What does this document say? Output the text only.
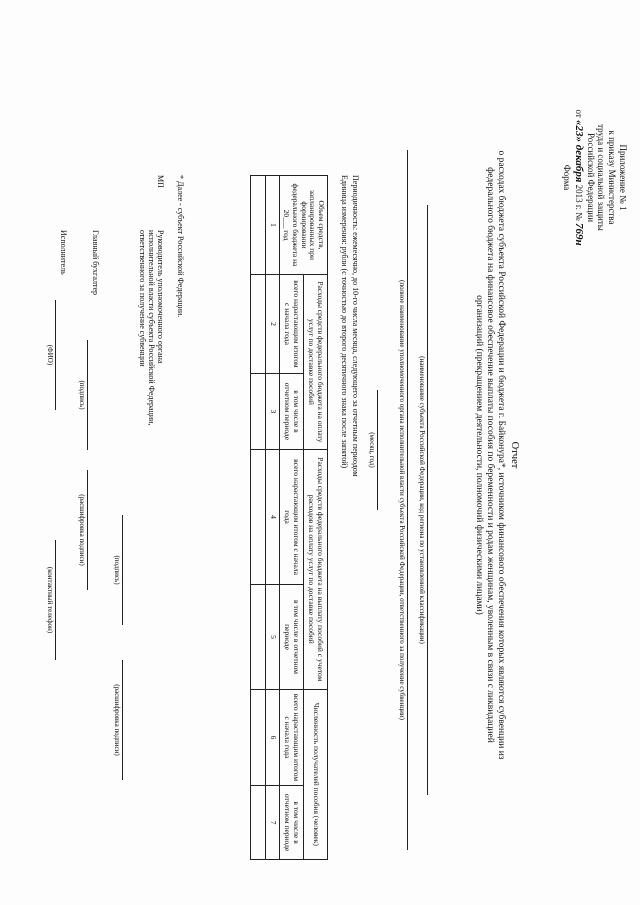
Приложение № 1
к приказу Министерства
труда и социальной защиты
Российской Федерации
от «23» декабря 2013 г. № 769н
Форма
Отчет
о расходах бюджета субъекта Российской Федерации и бюджета г. Байконура*, источником финансового обеспечения которых являются субвенции из
федерального бюджета на финансовое обеспечение выплаты пособия по беременности и родам женщинам, уволенным в связи с ликвидацией
организаций (прекращением деятельности, полномочий физическими лицами)
(наименование субъекта Российской Федерации, код региона по установленной классификации)
(полное наименование уполномоченного органа исполнительной власти субъекта Российской Федерации, ответственного за получение субвенции)
(месяц, год)
Периодичность: ежемесячно, до 10-го числа месяца, следующего за отчетным периодом
Единица измерения: рубли (с точностью до второго десятичного знака после запятой)
Объем средств, запланированных при формировании федерального бюджета на 20___ год	Расходы средств федерального бюджета на оплату услуг по доставке пособий		Расходы средств федерального бюджета на выплату пособий с учетом расходов на оплату услуг по доставке пособий		Численность получателей пособия (человек)	
	всего нарастающим итогом с начала года	в том числе в отчетном периоде	всего нарастающим итогом с начала года	в том числе в отчетном периоде	всего нарастающим итогом с начала года	в том числе в отчетном периоде
1	2	3	4	5	6	7

* Далее - субъект Российской Федерации.
МП
Руководитель уполномоченного органа
исполнительной власти субъекта Российской Федерации,
ответственного за получение субвенции
(подпись)
(расшифровка подписи)
Главный бухгалтер
(подпись)
(расшифровка подписи)
Исполнитель
(ФИО)
(контактный телефон)
